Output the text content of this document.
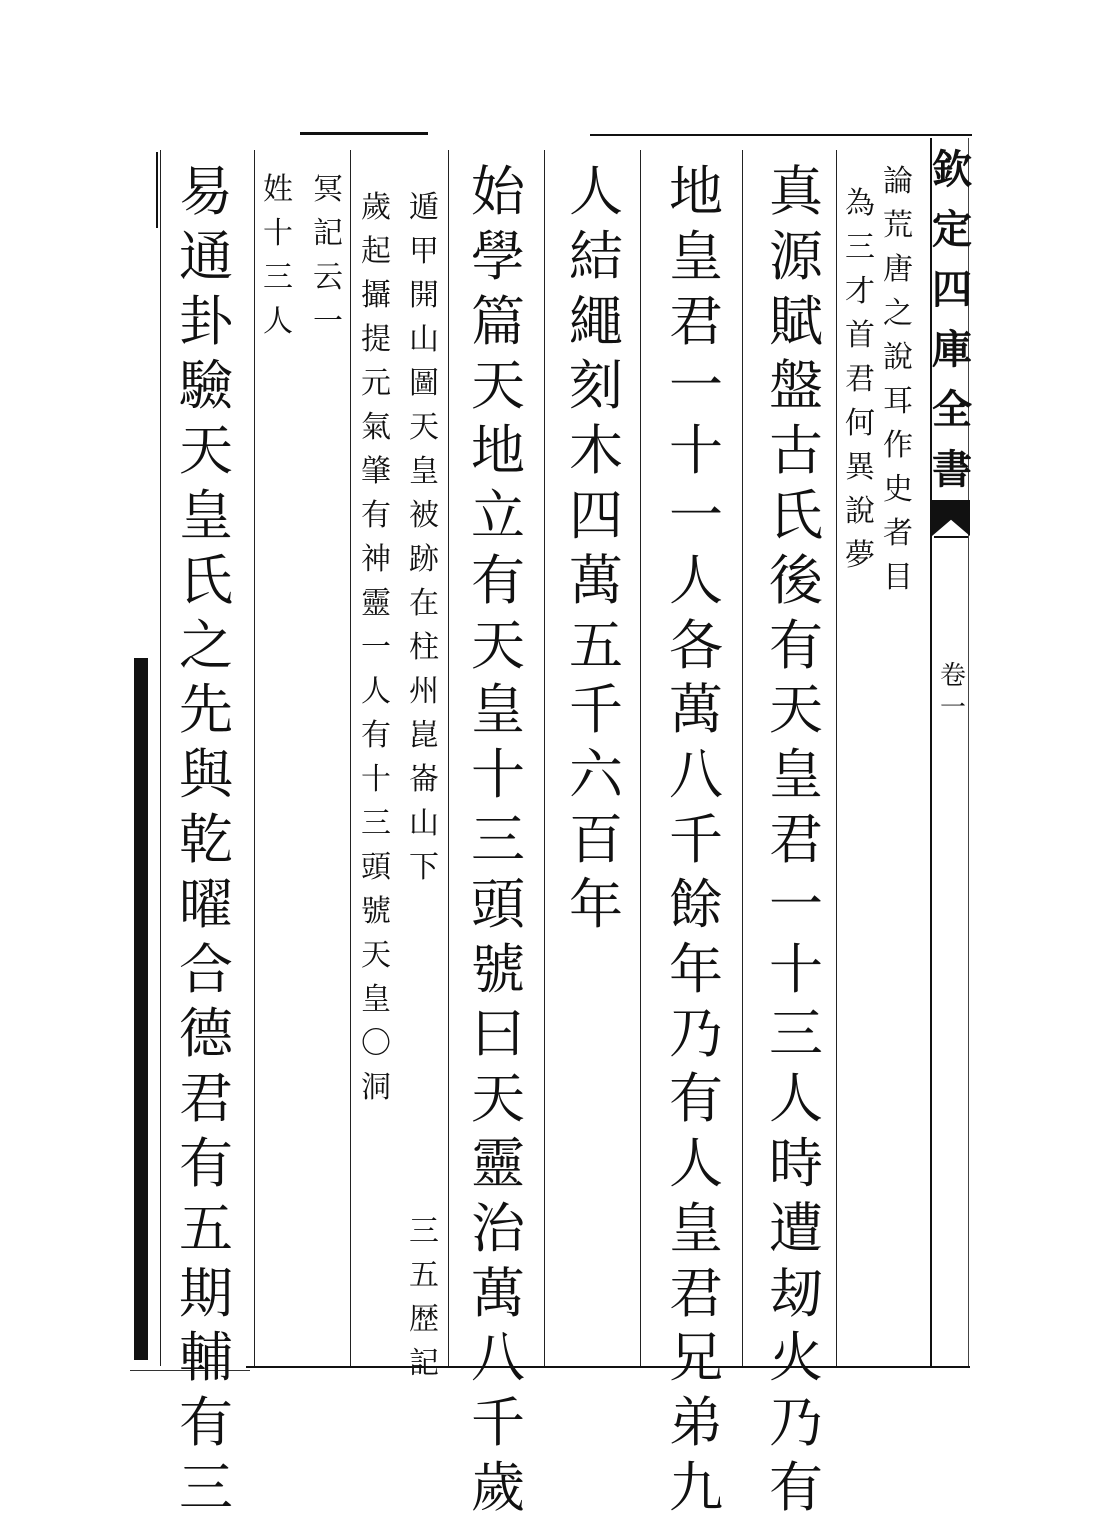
欽
定
四
庫
全
書
卷
一
論
荒
唐
之
說
耳
作
史
者
目
為
三
才
首
君
何
異
說
夢
真
源
賦
盤
古
氏
後
有
天
皇
君
一
十
三
人
時
遭
刼
火
乃
有
地
皇
君
一
十
一
人
各
萬
八
千
餘
年
乃
有
人
皇
君
兄
弟
九
人
結
繩
刻
木
四
萬
五
千
六
百
年
始
學
篇
天
地
立
有
天
皇
十
三
頭
號
曰
天
靈
治
萬
八
千
歲
遁
甲
開
山
圖
天
皇
被
跡
在
柱
州
崑
崙
山
下
三
五
歴
記
歲
起
攝
提
元
氣
肇
有
神
靈
一
人
有
十
三
頭
號
天
皇
〇
洞
冥
記
云
一
姓
十
三
人
易
通
卦
驗
天
皇
氏
之
先
與
乾
曜
合
德
君
有
五
期
輔
有
三
